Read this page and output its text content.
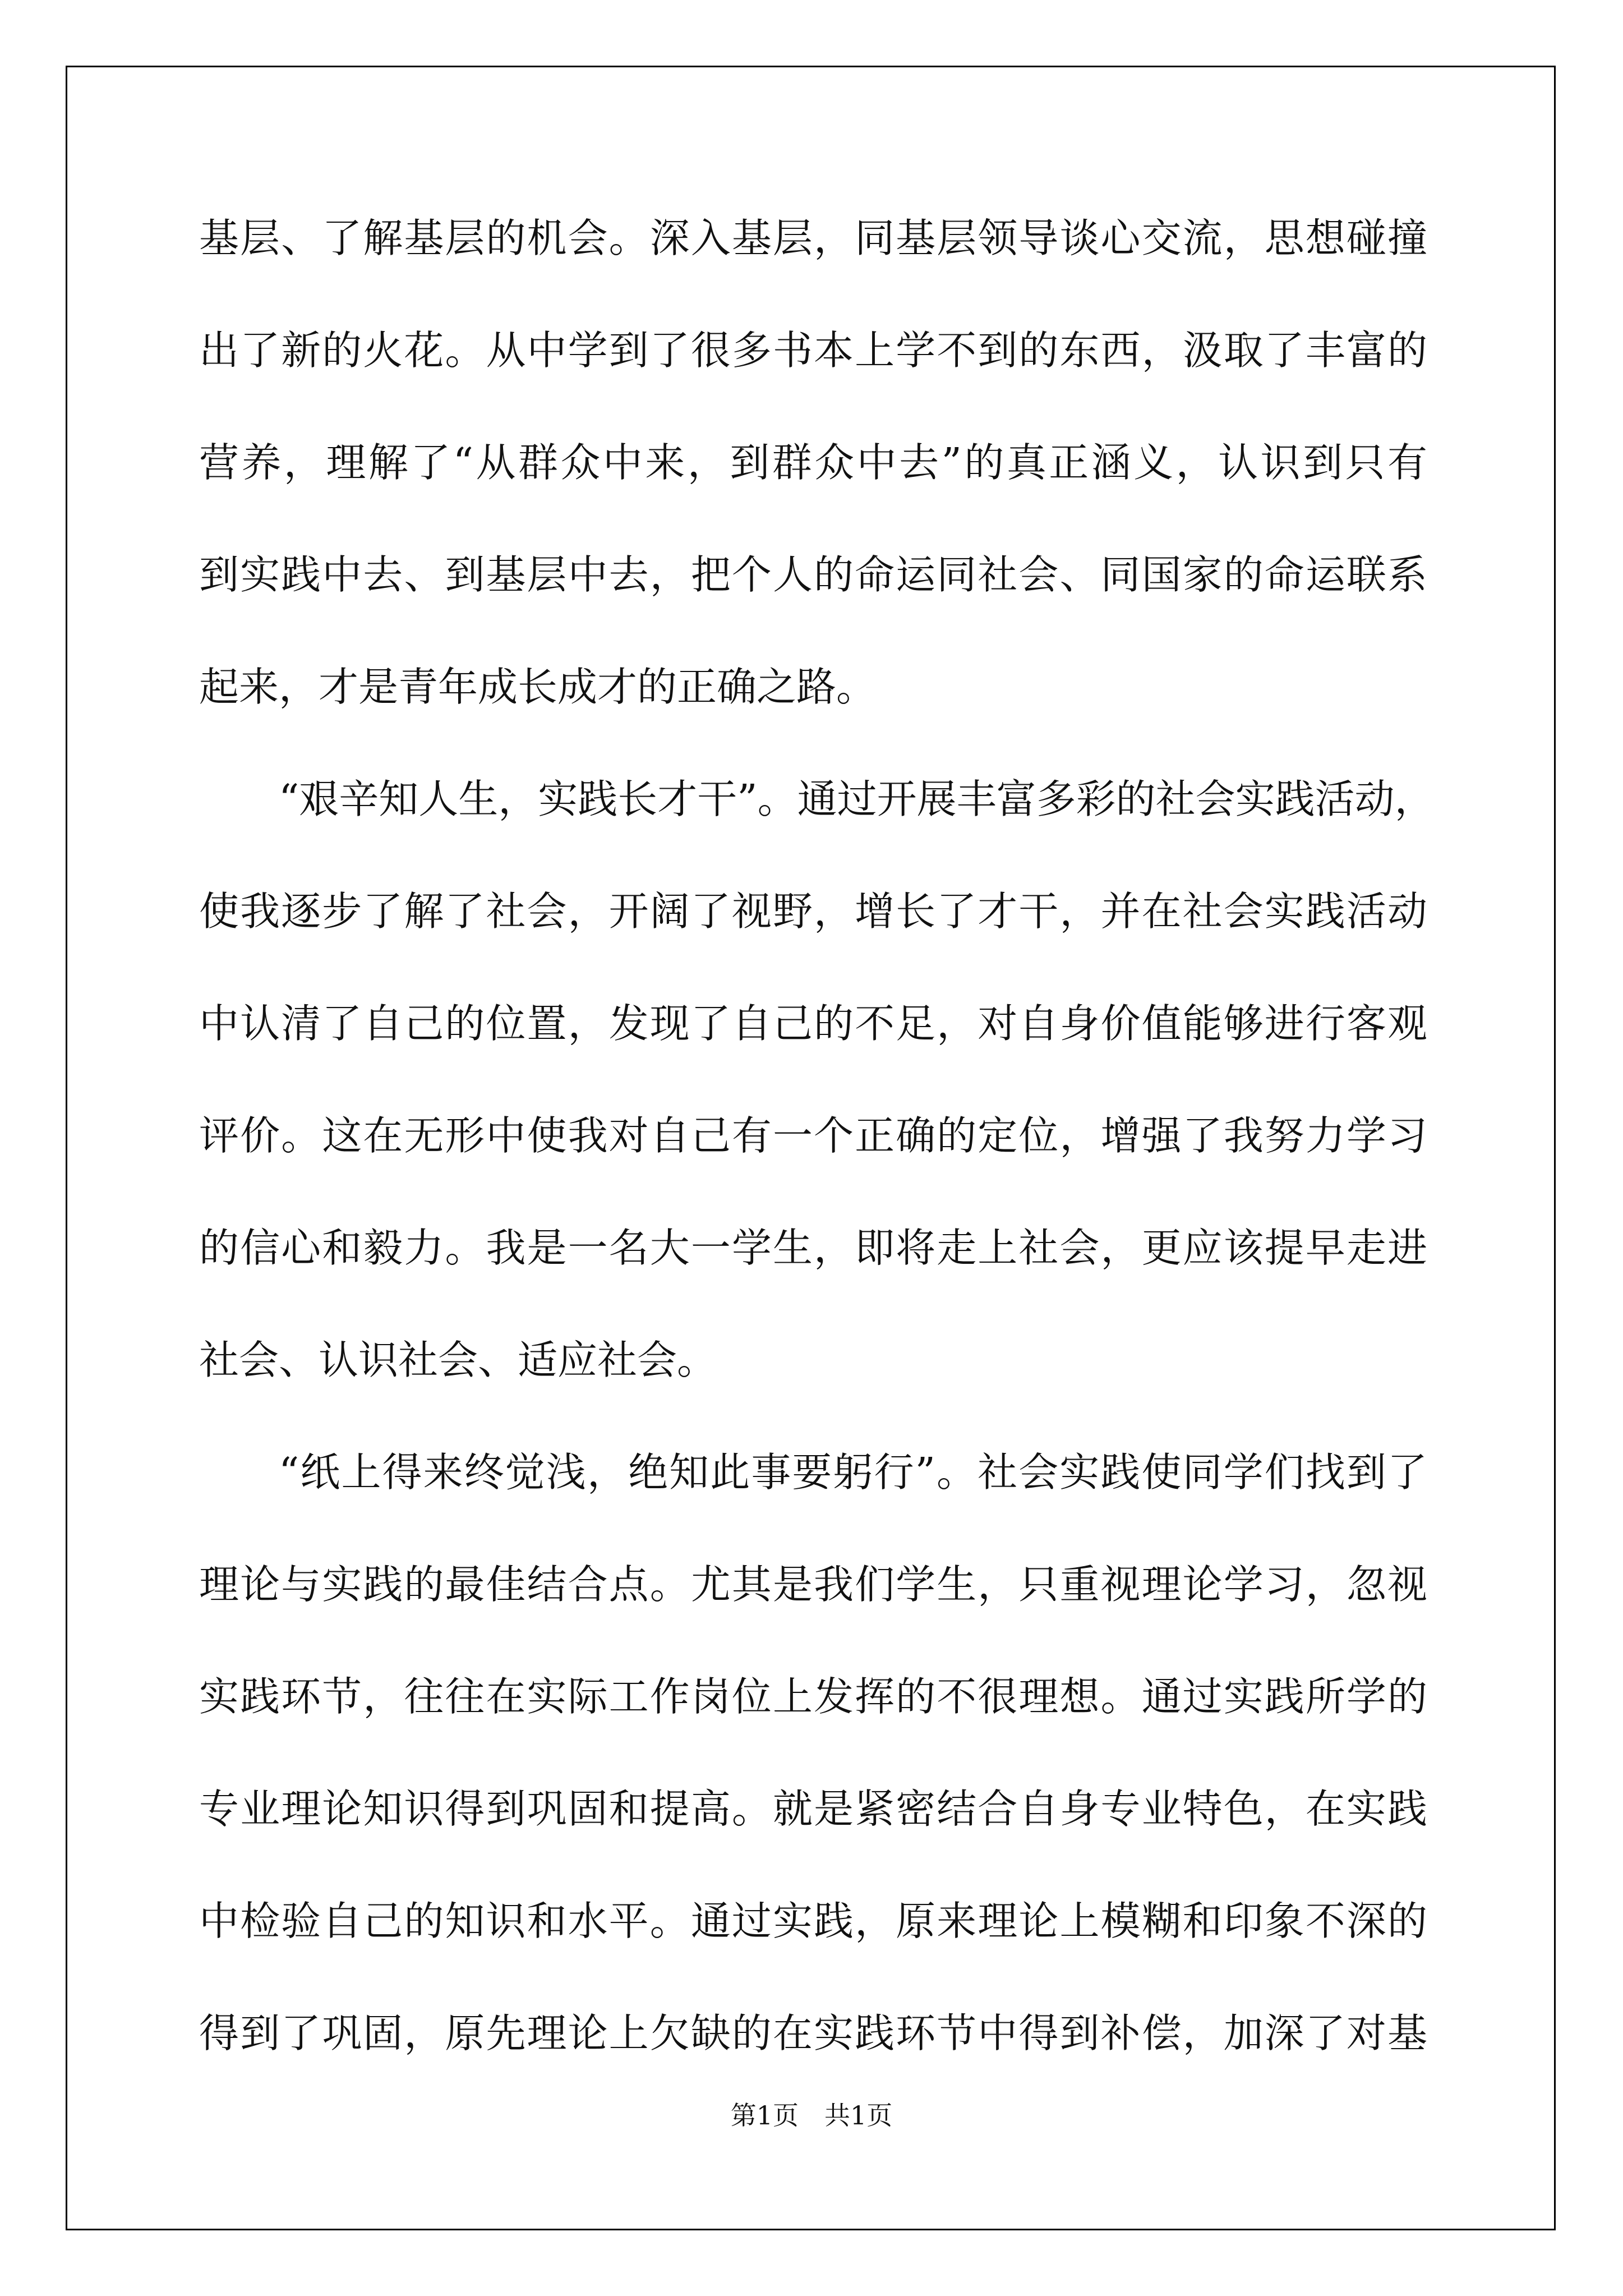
基层、了解基层的机会。深入基层，同基层领导谈心交流，思想碰撞
出了新的火花。从中学到了很多书本上学不到的东西，汲取了丰富的
营养，理解了“从群众中来，到群众中去”的真正涵义，认识到只有
到实践中去、到基层中去，把个人的命运同社会、同国家的命运联系
起来，才是青年成长成才的正确之路。
“艰辛知人生，实践长才干”。通过开展丰富多彩的社会实践活动，
使我逐步了解了社会，开阔了视野，增长了才干，并在社会实践活动
中认清了自己的位置，发现了自己的不足，对自身价值能够进行客观
评价。这在无形中使我对自己有一个正确的定位，增强了我努力学习
的信心和毅力。我是一名大一学生，即将走上社会，更应该提早走进
社会、认识社会、适应社会。
“纸上得来终觉浅，绝知此事要躬行”。社会实践使同学们找到了
理论与实践的最佳结合点。尤其是我们学生，只重视理论学习，忽视
实践环节，往往在实际工作岗位上发挥的不很理想。通过实践所学的
专业理论知识得到巩固和提高。就是紧密结合自身专业特色，在实践
中检验自己的知识和水平。通过实践，原来理论上模糊和印象不深的
得到了巩固，原先理论上欠缺的在实践环节中得到补偿，加深了对基
第1页　共1页
